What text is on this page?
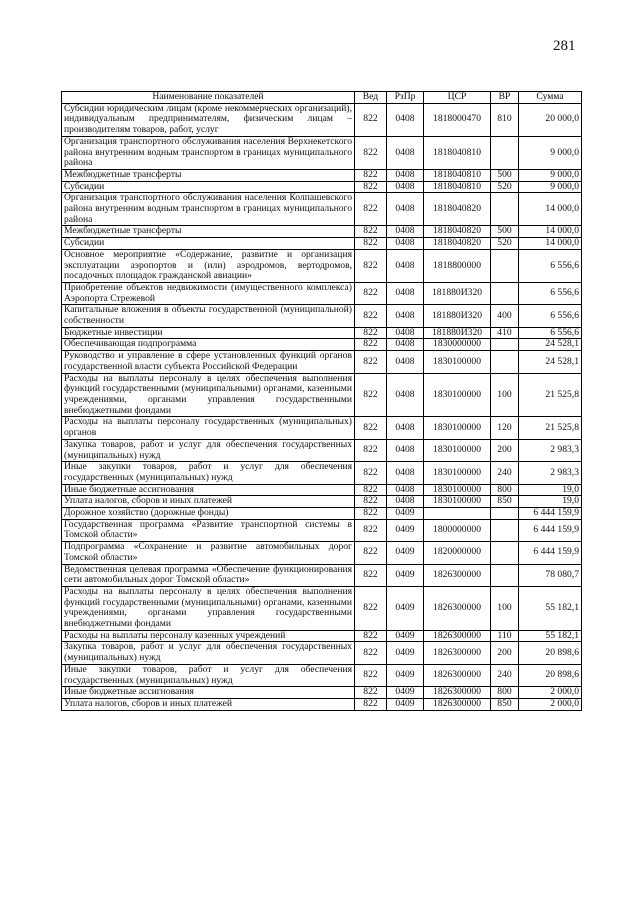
281
Наименование показателей	Вед	РзПр	ЦСР	ВР	Сумма
Субсидии юридическим лицам (кроме некоммерческих организаций), индивидуальным предпринимателям, физическим лицам – производителям товаров, работ, услуг	822	0408	1818000470	810	20 000,0
Организация транспортного обслуживания населения Верхнекетского района внутренним водным транспортом в границах муниципального района	822	0408	1818040810		9 000,0
Межбюджетные трансферты	822	0408	1818040810	500	9 000,0
Субсидии	822	0408	1818040810	520	9 000,0
Организация транспортного обслуживания населения Колпашевского района внутренним водным транспортом в границах муниципального района	822	0408	1818040820		14 000,0
Межбюджетные трансферты	822	0408	1818040820	500	14 000,0
Субсидии	822	0408	1818040820	520	14 000,0
Основное мероприятие «Содержание, развитие и организация эксплуатации аэропортов и (или) аэродромов, вертодромов, посадочных площадок гражданской авиации»	822	0408	1818800000		6 556,6
Приобретение объектов недвижимости (имущественного комплекса) Аэропорта Стрежевой	822	0408	181880И320		6 556,6
Капитальные вложения в объекты государственной (муниципальной) собственности	822	0408	181880И320	400	6 556,6
Бюджетные инвестиции	822	0408	181880И320	410	6 556,6
Обеспечивающая подпрограмма	822	0408	1830000000		24 528,1
Руководство и управление в сфере установленных функций органов государственной власти субъекта Российской Федерации	822	0408	1830100000		24 528,1
Расходы на выплаты персоналу в целях обеспечения выполнения функций государственными (муниципальными) органами, казенными учреждениями, органами управления государственными внебюджетными фондами	822	0408	1830100000	100	21 525,8
Расходы на выплаты персоналу государственных (муниципальных) органов	822	0408	1830100000	120	21 525,8
Закупка товаров, работ и услуг для обеспечения государственных (муниципальных) нужд	822	0408	1830100000	200	2 983,3
Иные закупки товаров, работ и услуг для обеспечения государственных (муниципальных) нужд	822	0408	1830100000	240	2 983,3
Иные бюджетные ассигнования	822	0408	1830100000	800	19,0
Уплата налогов, сборов и иных платежей	822	0408	1830100000	850	19,0
Дорожное хозяйство (дорожные фонды)	822	0409			6 444 159,9
Государственная программа «Развитие транспортной системы в Томской области»	822	0409	1800000000		6 444 159,9
Подпрограмма «Сохранение и развитие автомобильных дорог Томской области»	822	0409	1820000000		6 444 159,9
Ведомственная целевая программа «Обеспечение функционирования сети автомобильных дорог Томской области»	822	0409	1826300000		78 080,7
Расходы на выплаты персоналу в целях обеспечения выполнения функций государственными (муниципальными) органами, казенными учреждениями, органами управления государственными внебюджетными фондами	822	0409	1826300000	100	55 182,1
Расходы на выплаты персоналу казенных учреждений	822	0409	1826300000	110	55 182,1
Закупка товаров, работ и услуг для обеспечения государственных (муниципальных) нужд	822	0409	1826300000	200	20 898,6
Иные закупки товаров, работ и услуг для обеспечения государственных (муниципальных) нужд	822	0409	1826300000	240	20 898,6
Иные бюджетные ассигнования	822	0409	1826300000	800	2 000,0
Уплата налогов, сборов и иных платежей	822	0409	1826300000	850	2 000,0
